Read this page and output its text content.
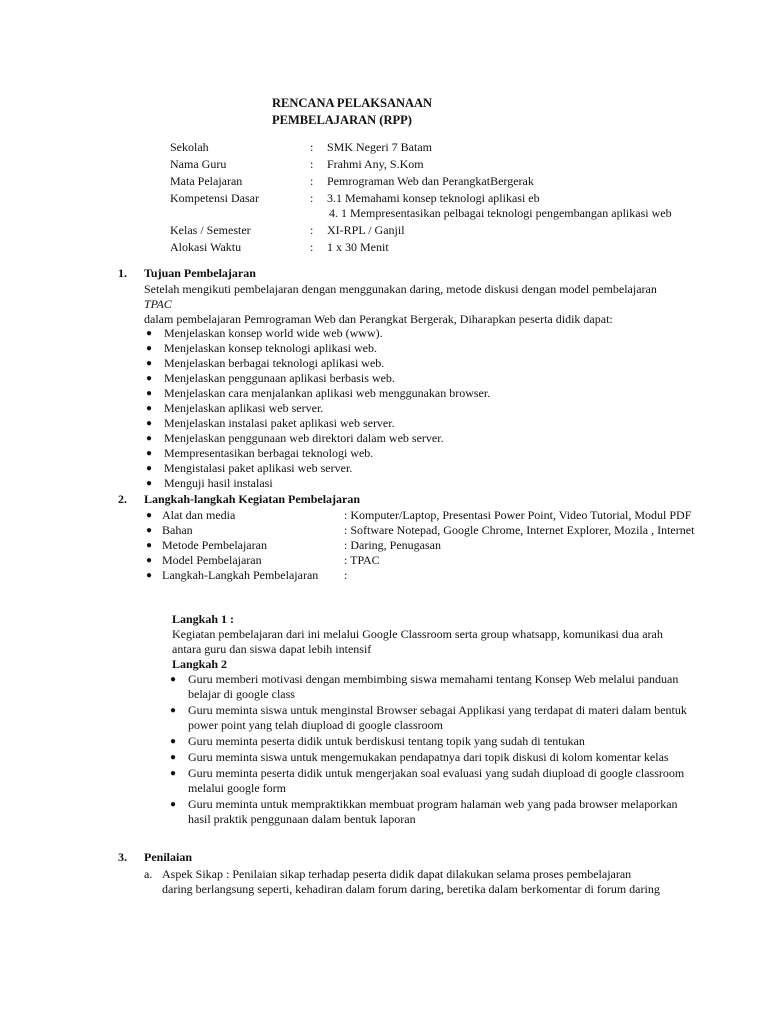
RENCANA PELAKSANAAN
PEMBELAJARAN (RPP)
Sekolah	: SMK Negeri 7 Batam
Nama Guru	: Frahmi Any, S.Kom
Mata Pelajaran	: Pemrograman Web dan PerangkatBergerak
Kompetensi Dasar	: 3.1 Memahami konsep teknologi aplikasi eb
4. 1 Mempresentasikan pelbagai teknologi pengembangan aplikasi web
Kelas / Semester	: XI-RPL / Ganjil
Alokasi Waktu	: 1 x 30 Menit
1. Tujuan Pembelajaran
Setelah mengikuti pembelajaran dengan menggunakan daring, metode diskusi dengan model pembelajaran
TPAC
dalam pembelajaran Pemrograman Web dan Perangkat Bergerak, Diharapkan peserta didik dapat:
● Menjelaskan konsep world wide web (www).
● Menjelaskan konsep teknologi aplikasi web.
● Menjelaskan berbagai teknologi aplikasi web.
● Menjelaskan penggunaan aplikasi berbasis web.
● Menjelaskan cara menjalankan aplikasi web menggunakan browser.
● Menjelaskan aplikasi web server.
● Menjelaskan instalasi paket aplikasi web server.
● Menjelaskan penggunaan web direktori dalam web server.
● Mempresentasikan berbagai teknologi web.
● Mengistalasi paket aplikasi web server.
● Menguji hasil instalasi
2. Langkah-langkah Kegiatan Pembelajaran
● Alat dan media	: Komputer/Laptop, Presentasi Power Point, Video Tutorial, Modul PDF
● Bahan	: Software Notepad, Google Chrome, Internet Explorer, Mozila , Internet
● Metode Pembelajaran	: Daring, Penugasan
● Model Pembelajaran	: TPAC
● Langkah-Langkah Pembelajaran :
Langkah 1 :
Kegiatan pembelajaran dari ini melalui Google Classroom serta group whatsapp, komunikasi dua arah antara guru dan siswa dapat lebih intensif
Langkah 2
● Guru memberi motivasi dengan membimbing siswa memahami tentang Konsep Web melalui panduan belajar di google class
● Guru meminta siswa untuk menginstal Browser sebagai Applikasi yang terdapat di materi dalam bentuk power point yang telah diupload di google classroom
● Guru meminta peserta didik untuk berdiskusi tentang topik yang sudah di tentukan
● Guru meminta siswa untuk mengemukakan pendapatnya dari topik diskusi di kolom komentar kelas
● Guru meminta peserta didik untuk mengerjakan soal evaluasi yang sudah diupload di google classroom melalui google form
● Guru meminta untuk mempraktikkan membuat program halaman web yang pada browser melaporkan hasil praktik penggunaan dalam bentuk laporan
3. Penilaian
a. Aspek Sikap : Penilaian sikap terhadap peserta didik dapat dilakukan selama proses pembelajaran daring berlangsung seperti, kehadiran dalam forum daring, beretika dalam berkomentar di forum daring
